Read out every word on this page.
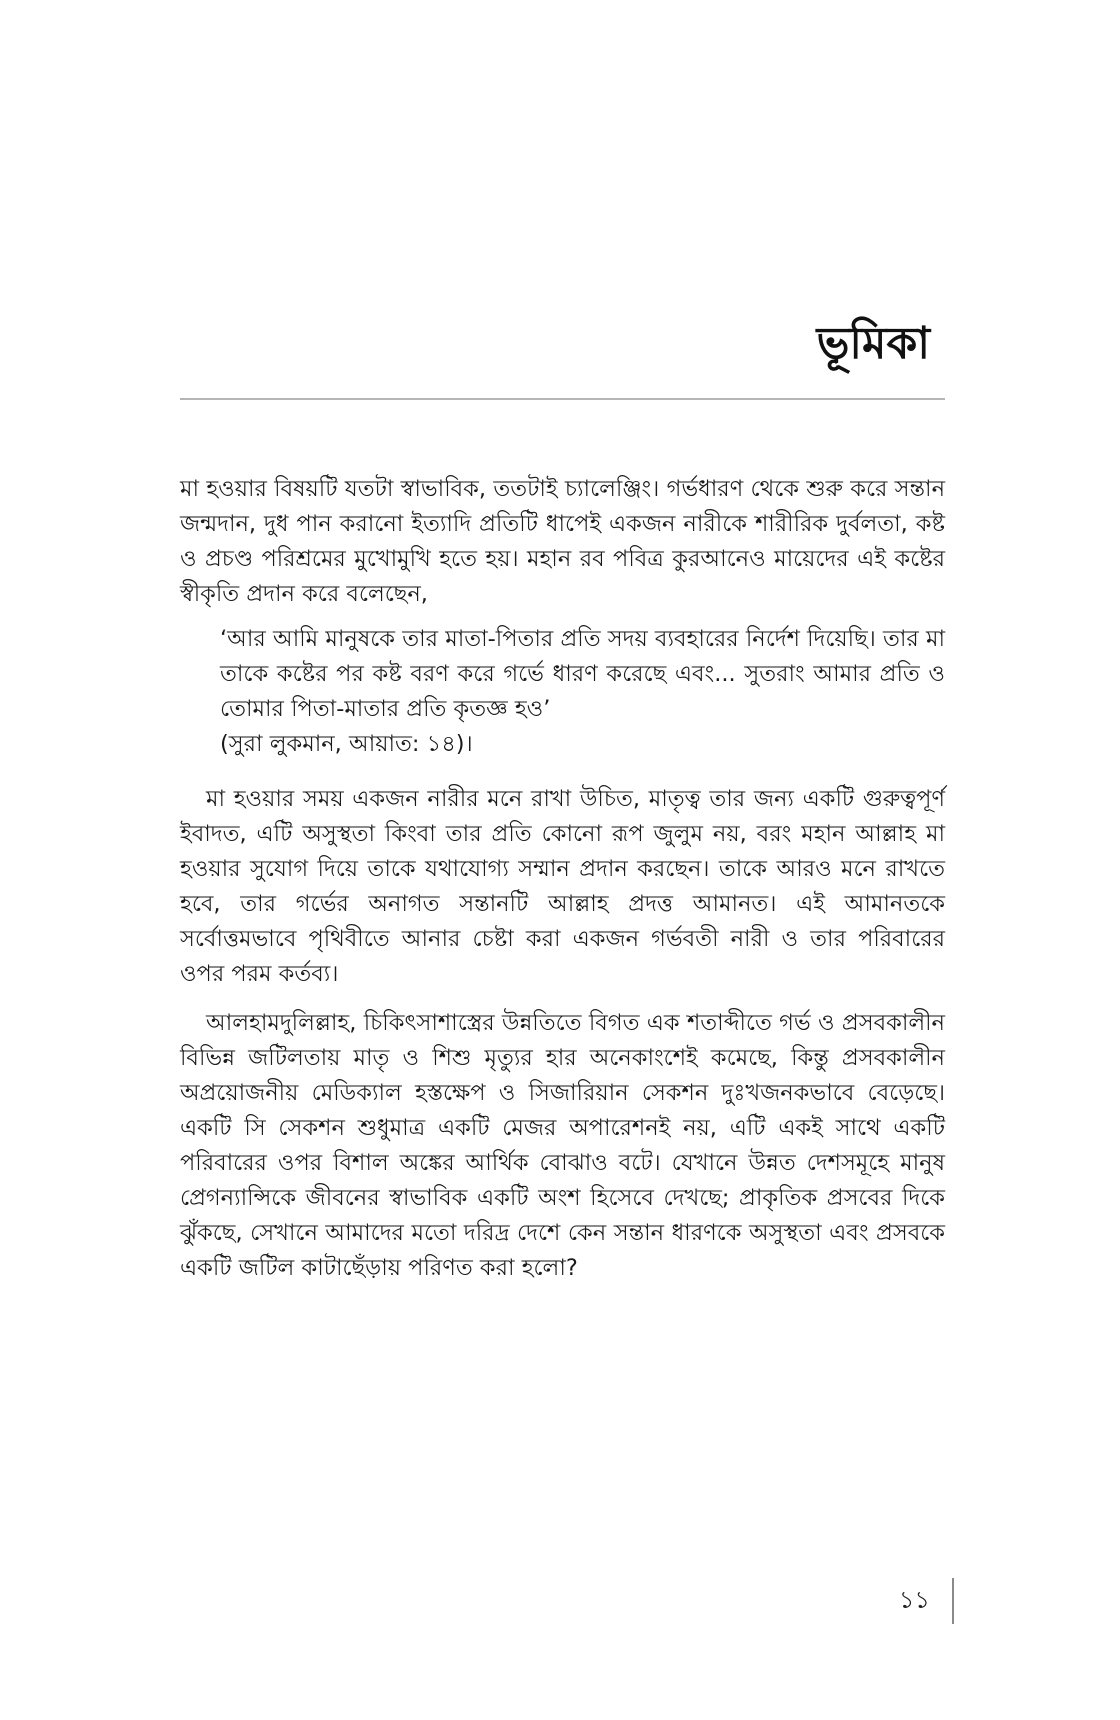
ভূমিকা

মা হওয়ার বিষয়টি যতটা স্বাভাবিক, ততটাই চ্যালেঞ্জিং। গর্ভধারণ থেকে শুরু করে সন্তান জন্মদান, দুধ পান করানো ইত্যাদি প্রতিটি ধাপেই একজন নারীকে শারীরিক দুর্বলতা, কষ্ট ও প্রচণ্ড পরিশ্রমের মুখোমুখি হতে হয়। মহান রব পবিত্র কুরআনেও মায়েদের এই কষ্টের স্বীকৃতি প্রদান করে বলেছেন,

‘আর আমি মানুষকে তার মাতা-পিতার প্রতি সদয় ব্যবহারের নির্দেশ দিয়েছি। তার মা তাকে কষ্টের পর কষ্ট বরণ করে গর্ভে ধারণ করেছে এবং... সুতরাং আমার প্রতি ও তোমার পিতা-মাতার প্রতি কৃতজ্ঞ হও’

(সুরা লুকমান, আয়াত: ১৪)।

মা হওয়ার সময় একজন নারীর মনে রাখা উচিত, মাতৃত্ব তার জন্য একটি গুরুত্বপূর্ণ ইবাদত, এটি অসুস্থতা কিংবা তার প্রতি কোনো রূপ জুলুম নয়, বরং মহান আল্লাহ মা হওয়ার সুযোগ দিয়ে তাকে যথাযোগ্য সম্মান প্রদান করছেন। তাকে আরও মনে রাখতে হবে, তার গর্ভের অনাগত সন্তানটি আল্লাহ প্রদত্ত আমানত। এই আমানতকে সর্বোত্তমভাবে পৃথিবীতে আনার চেষ্টা করা একজন গর্ভবতী নারী ও তার পরিবারের ওপর পরম কর্তব্য।

আলহামদুলিল্লাহ, চিকিৎসাশাস্ত্রের উন্নতিতে বিগত এক শতাব্দীতে গর্ভ ও প্রসবকালীন বিভিন্ন জটিলতায় মাতৃ ও শিশু মৃত্যুর হার অনেকাংশেই কমেছে, কিন্তু প্রসবকালীন অপ্রয়োজনীয় মেডিক্যাল হস্তক্ষেপ ও সিজারিয়ান সেকশন দুঃখজনকভাবে বেড়েছে। একটি সি সেকশন শুধুমাত্র একটি মেজর অপারেশনই নয়, এটি একই সাথে একটি পরিবারের ওপর বিশাল অঙ্কের আর্থিক বোঝাও বটে। যেখানে উন্নত দেশসমূহে মানুষ প্রেগন্যান্সিকে জীবনের স্বাভাবিক একটি অংশ হিসেবে দেখছে; প্রাকৃতিক প্রসবের দিকে ঝুঁকছে, সেখানে আমাদের মতো দরিদ্র দেশে কেন সন্তান ধারণকে অসুস্থতা এবং প্রসবকে একটি জটিল কাটাছেঁড়ায় পরিণত করা হলো?

১১
